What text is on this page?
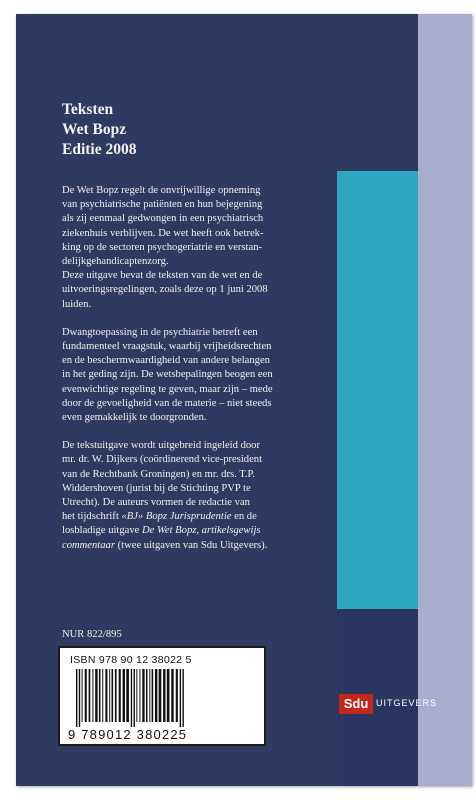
Teksten
Wet Bopz
Editie 2008

De Wet Bopz regelt de onvrijwillige opneming
van psychiatrische patiënten en hun bejegening
als zij eenmaal gedwongen in een psychiatrisch
ziekenhuis verblijven. De wet heeft ook betrek-
king op de sectoren psychogeriatrie en verstan-
delijkgehandicaptenzorg.
Deze uitgave bevat de teksten van de wet en de
uitvoeringsregelingen, zoals deze op 1 juni 2008
luiden.

Dwangtoepassing in de psychiatrie betreft een
fundamenteel vraagstuk, waarbij vrijheidsrechten
en de beschermwaardigheid van andere belangen
in het geding zijn. De wetsbepalingen beogen een
evenwichtige regeling te geven, maar zijn – mede
door de gevoeligheid van de materie – niet steeds
even gemakkelijk te doorgronden.

De tekstuitgave wordt uitgebreid ingeleid door
mr. dr. W. Dijkers (coördinerend vice-president
van de Rechtbank Groningen) en mr. drs. T.P.
Widdershoven (jurist bij de Stichting PVP te
Utrecht). De auteurs vormen de redactie van
het tijdschrift «BJ» Bopz Jurisprudentie en de
losbladige uitgave De Wet Bopz, artikelsgewijs
commentaar (twee uitgaven van Sdu Uitgevers).

NUR 822/895
ISBN 978 90 12 38022 5
9 789012 380225
Sdu UITGEVERS
